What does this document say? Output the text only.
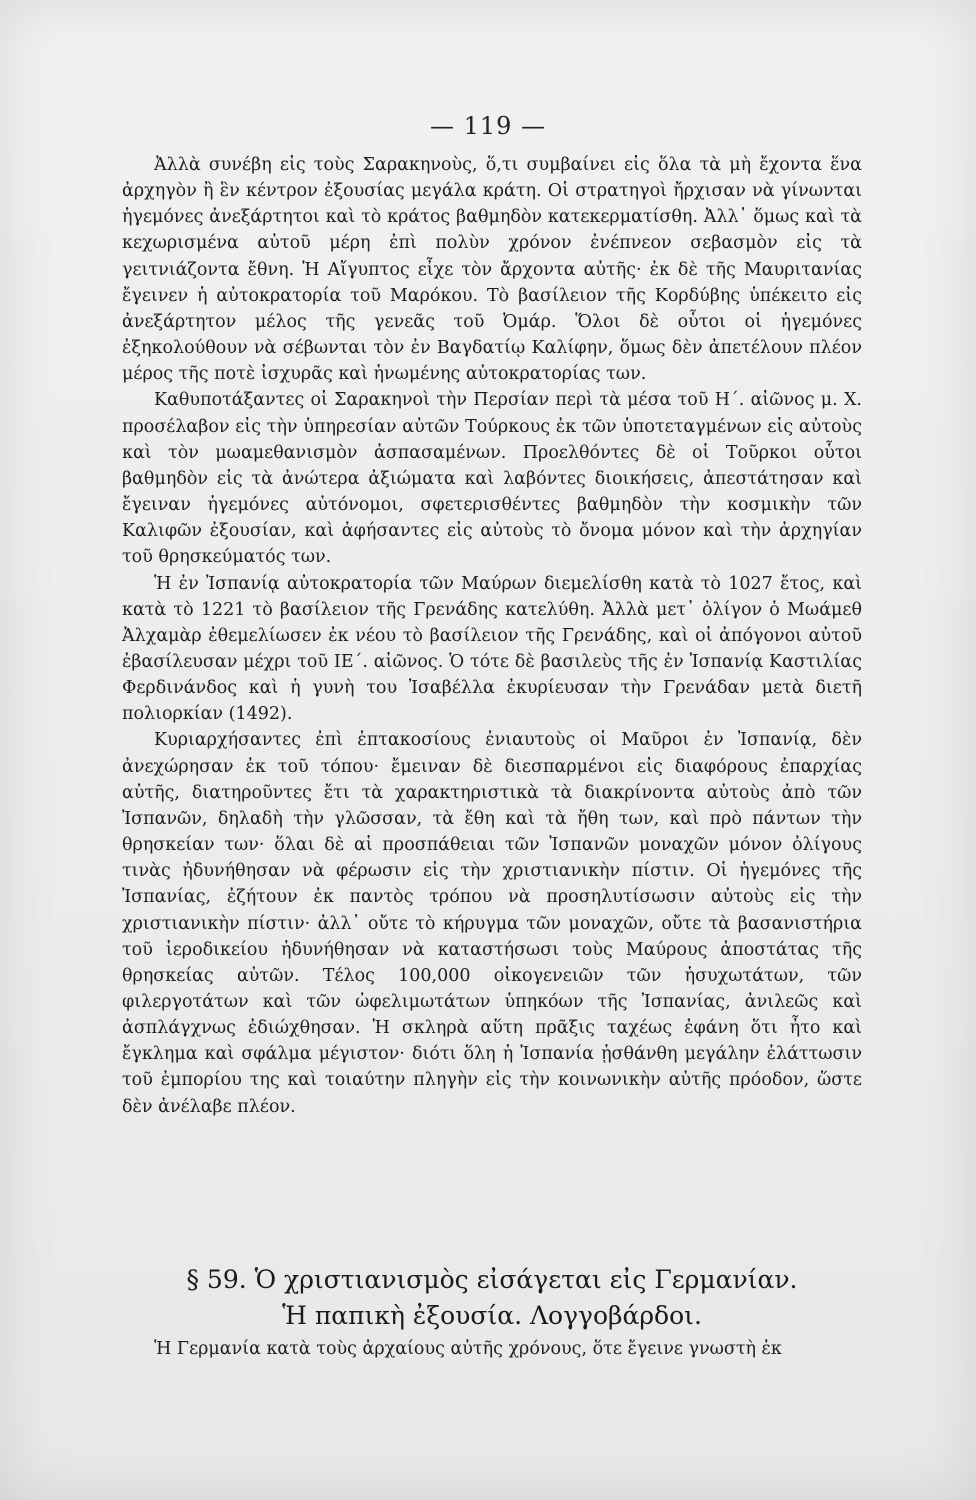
— 119 —

Ἀλλὰ συνέβη εἰς τοὺς Σαρακηνοὺς, ὅ,τι συμβαίνει εἰς ὅλα τὰ μὴ ἔχοντα ἕνα ἀρχηγὸν ἢ ἓν κέντρον ἐξουσίας μεγάλα κράτη. Οἱ στρατηγοὶ ἤρχισαν νὰ γίνωνται ἡγεμόνες ἀνεξάρτητοι καὶ τὸ κράτος βαθμηδὸν κατεκερματίσθη. Ἀλλ᾿ ὅμως καὶ τὰ κεχωρισμένα αὐτοῦ μέρη ἐπὶ πολὺν χρόνον ἐνέπνεον σεβασμὸν εἰς τὰ γειτνιάζοντα ἔθνη. Ἡ Αἴγυπτος εἶχε τὸν ἄρχοντα αὐτῆς· ἐκ δὲ τῆς Μαυριτανίας ἔγεινεν ἡ αὐτοκρατορία τοῦ Μαρόκου. Τὸ βασίλειον τῆς Κορδύβης ὑπέκειτο εἰς ἀνεξάρτητον μέλος τῆς γενεᾶς τοῦ Ὀμάρ. Ὅλοι δὲ οὗτοι οἱ ἡγεμόνες ἐξηκολούθουν νὰ σέβωνται τὸν ἐν Βαγδατίῳ Καλίφην, ὅμως δὲν ἀπετέλουν πλέον μέρος τῆς ποτὲ ἰσχυρᾶς καὶ ἡνωμένης αὐτοκρατορίας των.

Καθυποτάξαντες οἱ Σαρακηνοὶ τὴν Περσίαν περὶ τὰ μέσα τοῦ Η΄. αἰῶνος μ. Χ. προσέλαβον εἰς τὴν ὑπηρεσίαν αὐτῶν Τούρκους ἐκ τῶν ὑποτεταγμένων εἰς αὐτοὺς καὶ τὸν μωαμεθανισμὸν ἀσπασαμένων. Προελθόντες δὲ οἱ Τοῦρκοι οὗτοι βαθμηδὸν εἰς τὰ ἀνώτερα ἀξιώματα καὶ λαβόντες διοικήσεις, ἀπεστάτησαν καὶ ἔγειναν ἡγεμόνες αὐτόνομοι, σφετερισθέντες βαθμηδὸν τὴν κοσμικὴν τῶν Καλιφῶν ἐξουσίαν, καὶ ἀφήσαντες εἰς αὐτοὺς τὸ ὄνομα μόνον καὶ τὴν ἀρχηγίαν τοῦ θρησκεύματός των.

Ἡ ἐν Ἰσπανίᾳ αὐτοκρατορία τῶν Μαύρων διεμελίσθη κατὰ τὸ 1027 ἔτος, καὶ κατὰ τὸ 1221 τὸ βασίλειον τῆς Γρενάδης κατελύθη. Ἀλλὰ μετ᾿ ὀλίγον ὁ Μωάμεθ Ἀλχαμὰρ ἐθεμελίωσεν ἐκ νέου τὸ βασίλειον τῆς Γρενάδης, καὶ οἱ ἀπόγονοι αὐτοῦ ἐβασίλευσαν μέχρι τοῦ ΙΕ΄. αἰῶνος. Ὁ τότε δὲ βασιλεὺς τῆς ἐν Ἰσπανίᾳ Καστιλίας Φερδινάνδος καὶ ἡ γυνὴ του Ἰσαβέλλα ἐκυρίευσαν τὴν Γρενάδαν μετὰ διετῆ πολιορκίαν (1492).

Κυριαρχήσαντες ἐπὶ ἑπτακοσίους ἐνιαυτοὺς οἱ Μαῦροι ἐν Ἰσπανίᾳ, δὲν ἀνεχώρησαν ἐκ τοῦ τόπου· ἔμειναν δὲ διεσπαρμένοι εἰς διαφόρους ἐπαρχίας αὐτῆς, διατηροῦντες ἔτι τὰ χαρακτηριστικὰ τὰ διακρίνοντα αὐτοὺς ἀπὸ τῶν Ἰσπανῶν, δηλαδὴ τὴν γλῶσσαν, τὰ ἔθη καὶ τὰ ἤθη των, καὶ πρὸ πάντων τὴν θρησκείαν των· ὅλαι δὲ αἱ προσπάθειαι τῶν Ἰσπανῶν μοναχῶν μόνον ὀλίγους τινὰς ἠδυνήθησαν νὰ φέρωσιν εἰς τὴν χριστιανικὴν πίστιν. Οἱ ἡγεμόνες τῆς Ἰσπανίας, ἐζήτουν ἐκ παντὸς τρόπου νὰ προσηλυτίσωσιν αὐτοὺς εἰς τὴν χριστιανικὴν πίστιν· ἀλλ᾿ οὔτε τὸ κήρυγμα τῶν μοναχῶν, οὔτε τὰ βασανιστήρια τοῦ ἱεροδικείου ἠδυνήθησαν νὰ καταστήσωσι τοὺς Μαύρους ἀποστάτας τῆς θρησκείας αὐτῶν. Τέλος 100,000 οἰκογενειῶν τῶν ἡσυχωτάτων, τῶν φιλεργοτάτων καὶ τῶν ὠφελιμωτάτων ὑπηκόων τῆς Ἰσπανίας, ἀνιλεῶς καὶ ἀσπλάγχνως ἐδιώχθησαν. Ἡ σκληρὰ αὕτη πρᾶξις ταχέως ἐφάνη ὅτι ἦτο καὶ ἔγκλημα καὶ σφάλμα μέγιστον· διότι ὅλη ἡ Ἰσπανία ᾐσθάνθη μεγάλην ἐλάττωσιν τοῦ ἐμπορίου της καὶ τοιαύτην πληγὴν εἰς τὴν κοινωνικὴν αὐτῆς πρόοδον, ὥστε δὲν ἀνέλαβε πλέον.

§ 59. Ὁ χριστιανισμὸς εἰσάγεται εἰς Γερμανίαν.
Ἡ παπικὴ ἐξουσία. Λογγοβάρδοι.
Ἡ Γερμανία κατὰ τοὺς ἀρχαίους αὐτῆς χρόνους, ὅτε ἔγεινε γνωστὴ ἐκ
